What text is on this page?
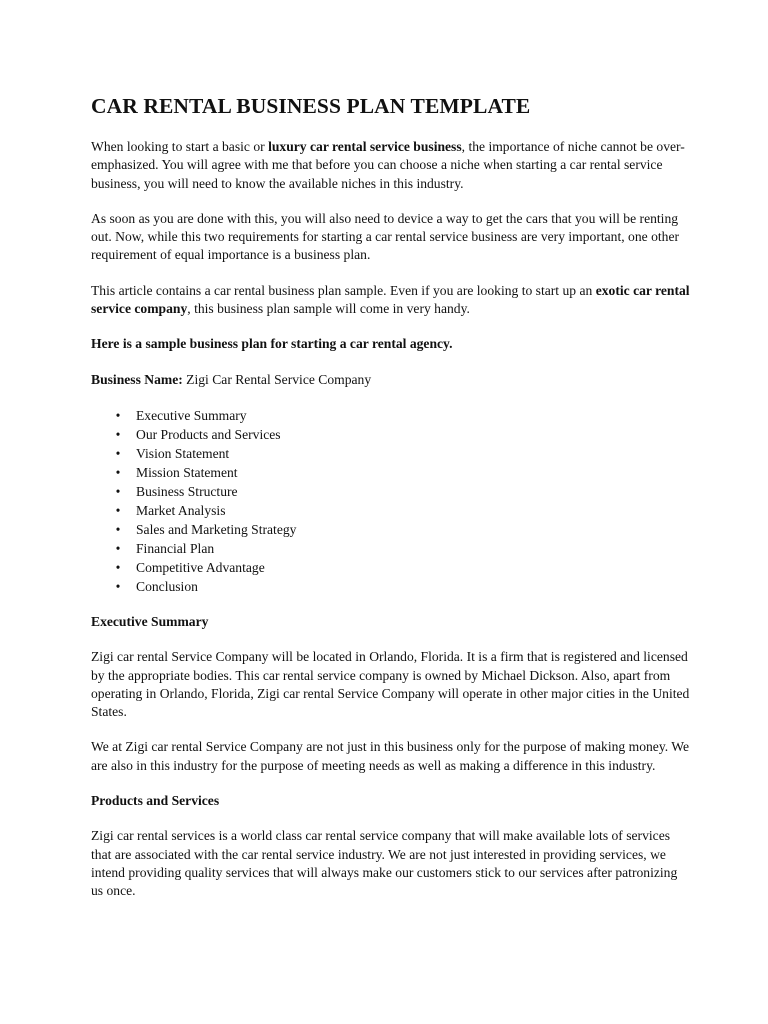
CAR RENTAL BUSINESS PLAN TEMPLATE

When looking to start a basic or luxury car rental service business, the importance of niche cannot be over-emphasized. You will agree with me that before you can choose a niche when starting a car rental service business, you will need to know the available niches in this industry.

As soon as you are done with this, you will also need to device a way to get the cars that you will be renting out. Now, while this two requirements for starting a car rental service business are very important, one other requirement of equal importance is a business plan.

This article contains a car rental business plan sample. Even if you are looking to start up an exotic car rental service company, this business plan sample will come in very handy.

Here is a sample business plan for starting a car rental agency.

Business Name: Zigi Car Rental Service Company

• Executive Summary
• Our Products and Services
• Vision Statement
• Mission Statement
• Business Structure
• Market Analysis
• Sales and Marketing Strategy
• Financial Plan
• Competitive Advantage
• Conclusion

Executive Summary

Zigi car rental Service Company will be located in Orlando, Florida. It is a firm that is registered and licensed by the appropriate bodies. This car rental service company is owned by Michael Dickson. Also, apart from operating in Orlando, Florida, Zigi car rental Service Company will operate in other major cities in the United States.

We at Zigi car rental Service Company are not just in this business only for the purpose of making money. We are also in this industry for the purpose of meeting needs as well as making a difference in this industry.

Products and Services

Zigi car rental services is a world class car rental service company that will make available lots of services that are associated with the car rental service industry. We are not just interested in providing services, we intend providing quality services that will always make our customers stick to our services after patronizing us once.
